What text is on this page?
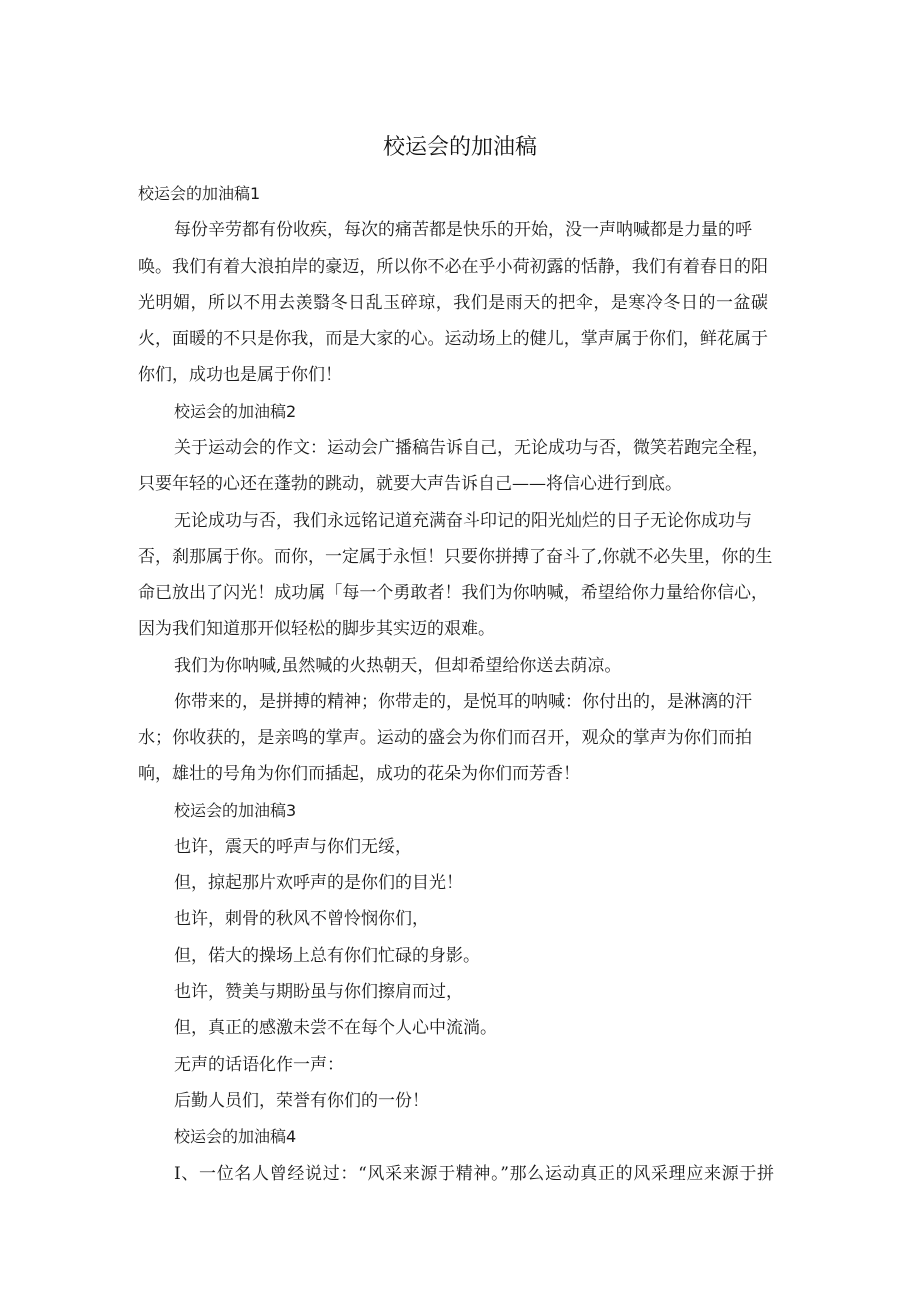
校运会的加油稿

校运会的加油稿1

每份辛劳都有份收疾，每次的痛苦都是快乐的开始，没一声呐喊都是力量的呼

唤。我们有着大浪拍岸的豪迈，所以你不必在乎小荷初露的恬静，我们有着春日的阳

光明媚，所以不用去羡翳冬日乱玉碎琼，我们是雨天的把伞，是寒冷冬日的一盆碳

火，面暖的不只是你我，而是大家的心。运动场上的健儿，掌声属于你们，鲜花属于

你们，成功也是属于你们！

校运会的加油稿2

关于运动会的作文：运动会广播稿告诉自己，无论成功与否，微笑若跑完全程，

只要年轻的心还在蓬勃的跳动，就要大声告诉自己——将信心进行到底。

无论成功与否，我们永远铭记道充满奋斗印记的阳光灿烂的日子无论你成功与

否，刹那属于你。而你，一定属于永恒！只要你拼搏了奋斗了,你就不必失里，你的生

命已放出了闪光！成功属「每一个勇敢者！我们为你呐喊，希望给你力量给你信心，

因为我们知道那开似轻松的脚步其实迈的艰难。

我们为你呐喊,虽然喊的火热朝天，但却希望给你送去荫凉。

你带来的，是拼搏的精神；你带走的，是悦耳的呐喊：你付出的，是淋漓的汗

水；你收获的，是亲鸣的掌声。运动的盛会为你们而召开，观众的掌声为你们而拍

响，雄壮的号角为你们而插起，成功的花朵为你们而芳香！

校运会的加油稿3

也许，震天的呼声与你们无绥，

但，掠起那片欢呼声的是你们的目光！

也许，刺骨的秋风不曾怜悯你们，

但，偌大的操场上总有你们忙碌的身影。

也许，赞美与期盼虽与你们擦肩而过，

但，真正的感激未尝不在每个人心中流淌。

无声的话语化作一声：

后勤人员们，荣誉有你们的一份！

校运会的加油稿4

I、一位名人曾经说过：“风采来源于精神。”那么运动真正的风采理应来源于拼
